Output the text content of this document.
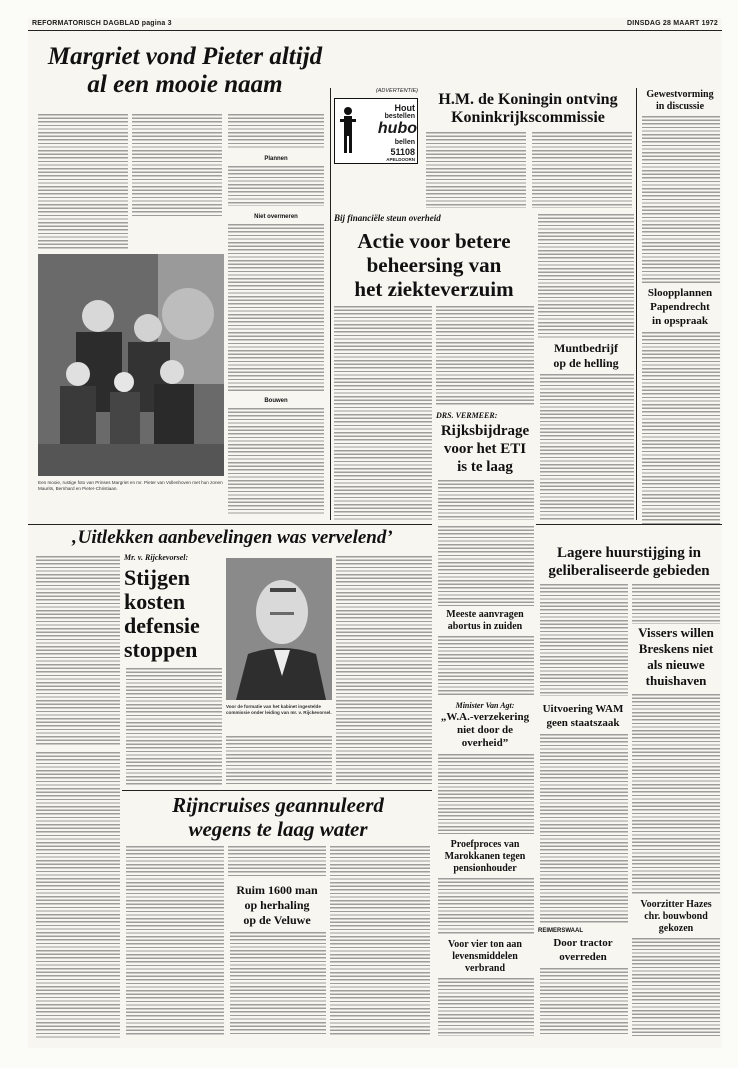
REFORMATORISCH DAGBLAD pagina 3	DINSDAG 28 MAART 1972
Margriet vond Pieter altijd
al een mooie naam
Plannen
Niet overmeren
Bouwen
Een mooie, rustige foto van Prinses Margriet en mr. Pieter van Vollenhoven met hun zonen Maurits, Bernhard en Pieter-Christiaan.
(ADVERTENTIE)
Hout
bestellen
hubo
bellen
51108
APELDOORN
H.M. de Koningin ontving
Koninkrijkscommissie
Gewestvorming
in discussie
Sloopplannen
Papendrecht
in opspraak
Bij financiële steun overheid
Actie voor betere
beheersing van
het ziekteverzuim
Muntbedrijf
op de helling
DRS. VERMEER:
Rijksbijdrage
voor het ETI
is te laag
‚Uitlekken aanbevelingen was vervelend’
Mr. v. Rijckevorsel:
Stijgen
kosten
defensie
stoppen
Voor de formatie van het kabinet ingestelde commissie onder leiding van mr. v. Rijckevorsel.
Meeste aanvragen
abortus in zuiden
Minister Van Agt:
„W.A.-verzekering
niet door de
overheid”
Lagere huurstijging in
geliberaliseerde gebieden
Vissers willen
Breskens niet
als nieuwe
thuishaven
Uitvoering WAM
geen staatszaak
Rijncruises geannuleerd
wegens te laag water
Ruim 1600 man
op herhaling
op de Veluwe
Proefproces van
Marokkanen tegen
pensionhouder
Voor vier ton aan
levensmiddelen
verbrand
REIMERSWAAL
Door tractor
overreden
Voorzitter Hazes
chr. bouwbond
gekozen
